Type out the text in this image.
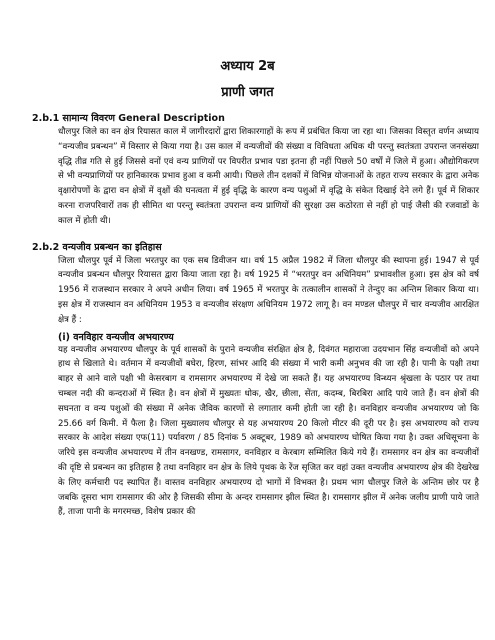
अध्याय 2ब
प्राणी जगत
2.b.1 सामान्य विवरण General Description

धौलपुर जिले का वन क्षेत्र रियासत काल में जागीरदारों द्वारा शिकारगाहों के रूप में प्रबंधित किया जा रहा था। जिसका विस्तृत वर्णन अध्याय “वन्यजीव प्रबन्धन” में विस्तार से किया गया है। उस काल में वन्यजीवों की संख्या व विविधता अधिक थी परन्तु स्वतंत्रता उपरान्त जनसंख्या वृद्धि तीव्र गति से हुई जिससे वनों एवं वन्य प्राणियों पर विपरीत प्रभाव पडा इतना ही नहीं पिछले 50 वर्षों में जिले में हुआ। औद्योगिकरण से भी वन्यप्राणियों पर हानिकारक प्रभाव हुआ व कमी आयी। पिछले तीन दशकों में विभिन्न योजनाओं के तहत राज्य सरकार के द्वारा अनेक वृक्षारोपणों के द्वारा वन क्षेत्रों में वृक्षों की घनत्वता में हुई वृद्धि के कारण वन्य पशुओं में वृद्धि के संकेत दिखाई देने लगे हैं। पूर्व में शिकार करना राजपरिवारों तक ही सीमित था परन्तु स्वतंत्रता उपरान्त वन्य प्राणियों की सुरक्षा उस कठोरता से नहीं हो पाई जैसी की रजवाडों के काल में होती थी।

2.b.2 वन्यजीव प्रबन्धन का इतिहास

जिला धौलपुर पूर्व में जिला भरतपुर का एक सब डिवीजन था। वर्ष 15 अप्रैल 1982 में जिला धौलपुर की स्थापना हुई। 1947 से पूर्व वन्यजीव प्रबन्धन धौलपुर रियासत द्वारा किया जाता रहा है। वर्ष 1925 में “भरतपुर वन अधिनियम” प्रभावशील हुआ। इस क्षेत्र को वर्ष 1956 में राजस्थान सरकार ने अपने अधीन लिया। वर्ष 1965 में भरतपुर के तत्कालीन शासकों ने तेन्दुए का अन्तिम शिकार किया था। इस क्षेत्र में राजस्थान वन अधिनियम 1953 व वन्यजीव संरक्षण अधिनियम 1972 लागू है। वन मण्डल धौलपुर में चार वन्यजीव आरक्षित क्षेत्र हैं :

(i) वनविहार वन्यजीव अभयारण्य

यह वन्यजीव अभयारण्य धौलपुर के पूर्व शासकों के पुराने वन्यजीव संरक्षित क्षेत्र है, दिवंगत महाराजा उदयभान सिंह वन्यजीवों को अपने हाथ से खिलाते थे। वर्तमान में वन्यजीवों बघेरा, हिरण, सांभर आदि की संख्या में भारी कमी अनुभव की जा रही है। पानी के पक्षी तथा बाहर से आने वाले पक्षी भी केसरबाग व रामसागर अभयारण्य में देखे जा सकते हैं। यह अभयारण्य विन्ध्यन श्रृंखला के पठार पर तथा चम्बल नदी की कन्दराओं में स्थित है। वन क्षेत्रों में मुख्यतः धोक, खैर, छीला, सेंता, कदम्ब, बिरबिरा आदि पाये जाते हैं। वन क्षेत्रों की सघनता व वन्य पशुओं की संख्या में अनेक जैविक कारणों से लगातार कमी होती जा रही है। वनविहार वन्यजीव अभयारण्य जो कि 25.66 वर्ग किमी. में फैला है। जिला मुख्यालय धौलपुर से यह अभयारण्य 20 किलो मीटर की दूरी पर है। इस अभयारण्य को राज्य सरकार के आदेश संख्या एफ(11) पर्यावरण / 85 दिनांक 5 अक्टूबर, 1989 को अभयारण्य घोषित किया गया है। उक्त अधिसूचना के जरिये इस वन्यजीव अभयारण्य में तीन वनखण्ड, रामसागर, वनविहार व केरबाग सम्मिलित किये गये हैं। रामसागर वन क्षेत्र का वन्यजीवों की दृष्टि से प्रबन्धन का इतिहास है तथा वनविहार वन क्षेत्र के लिये पृथक के रेंज सृजित कर वहां उक्त वन्यजीव अभयारण्य क्षेत्र की देखरेख के लिए कर्मचारी पद स्थापित हैं। वास्तव वनविहार अभयारण्य दो भागों में विभक्त है। प्रथम भाग धौलपुर जिले के अन्तिम छोर पर है जबकि दूसरा भाग रामसागर की ओर है जिसकी सीमा के अन्दर रामसागर झील स्थित है। रामसागर झील में अनेक जलीय प्राणी पाये जाते हैं, ताजा पानी के मगरमच्छ, विशेष प्रकार की
